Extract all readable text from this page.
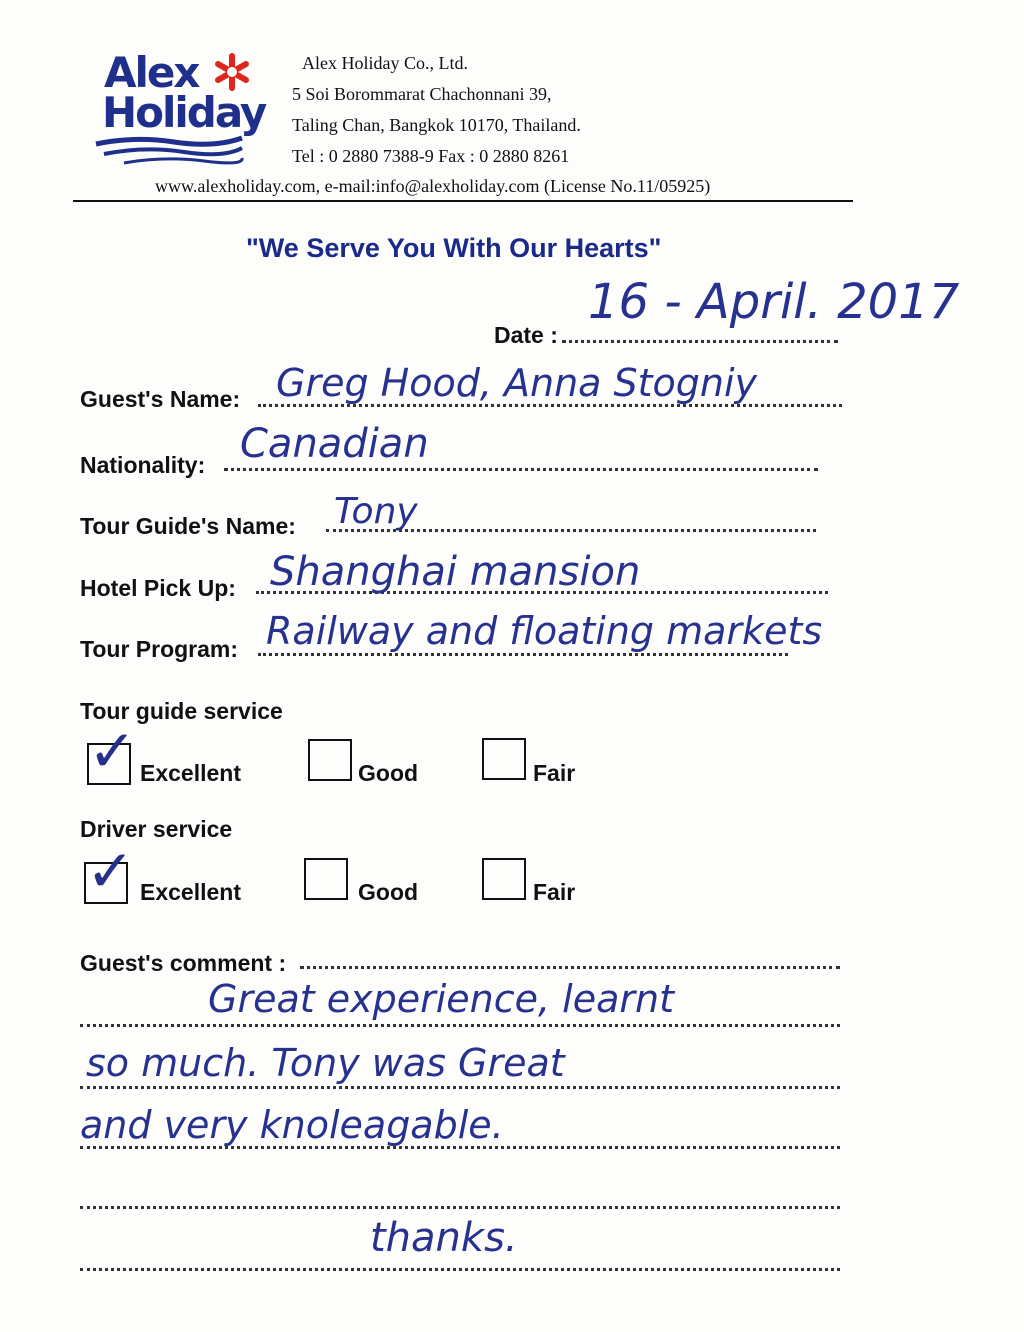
Alex
Holiday
Alex Holiday Co., Ltd.
5 Soi Borommarat Chachonnani 39,
Taling Chan, Bangkok 10170, Thailand.
Tel : 0 2880 7388-9 Fax : 0 2880 8261
www.alexholiday.com, e-mail:info@alexholiday.com (License No.11/05925)
"We Serve You With Our Hearts"
Date :
16 - April. 2017
Guest's Name: Greg Hood, Anna Stogniy
Nationality: Canadian
Tour Guide's Name: Tony
Hotel Pick Up: Shanghai mansion
Tour Program: Railway and floating markets
Tour guide service
✓ Excellent	Good	Fair
Driver service
✓ Excellent	Good	Fair
Guest's comment :
Great experience, learnt
so much. Tony was Great
and very knoleagable.
thanks.
